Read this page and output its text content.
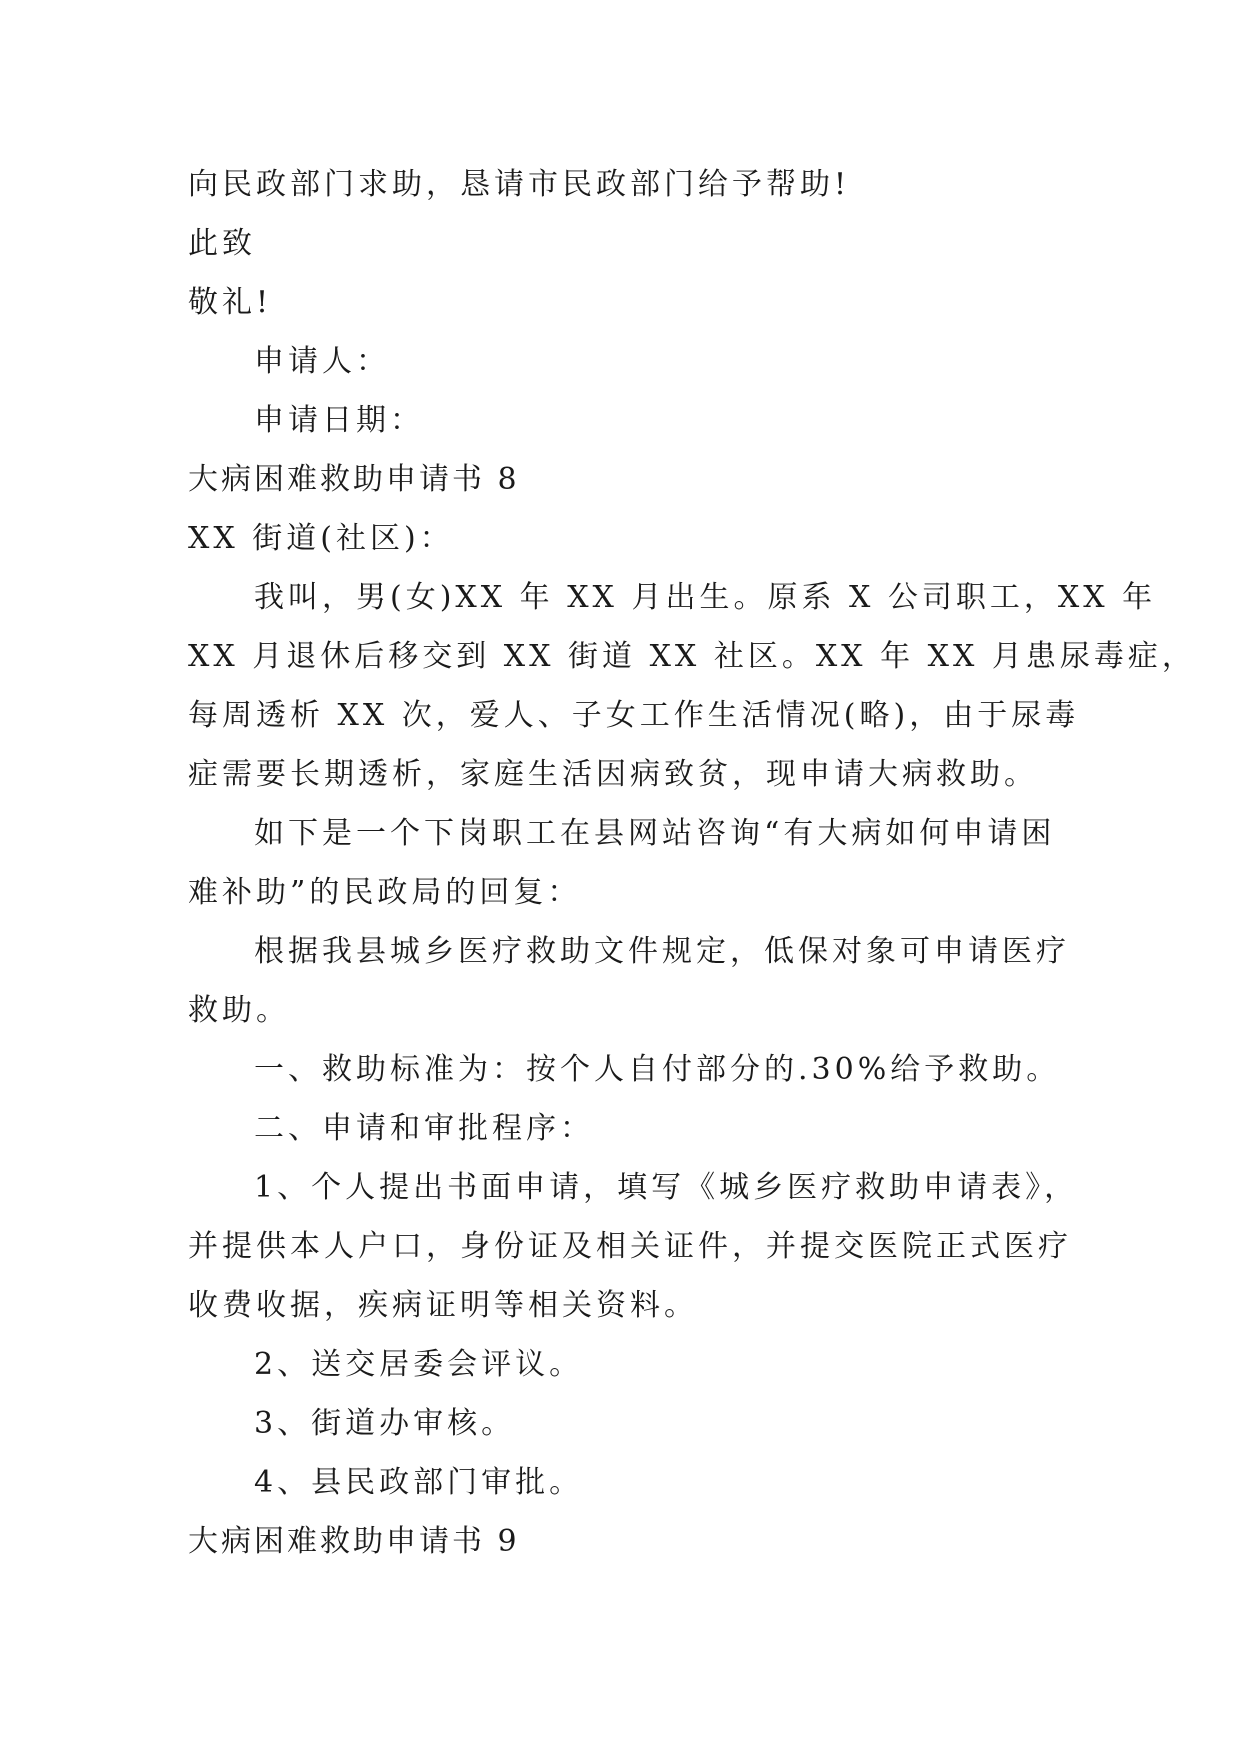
向民政部门求助，恳请市民政部门给予帮助!
此致
敬礼!
申请人：
申请日期：
大病困难救助申请书 8
XX 街道(社区)：
我叫，男(女)XX 年 XX 月出生。原系 X 公司职工，XX 年
XX 月退休后移交到 XX 街道 XX 社区。XX 年 XX 月患尿毒症，
每周透析 XX 次，爱人、子女工作生活情况(略)，由于尿毒
症需要长期透析，家庭生活因病致贫，现申请大病救助。
如下是一个下岗职工在县网站咨询“有大病如何申请困
难补助”的民政局的回复：
根据我县城乡医疗救助文件规定，低保对象可申请医疗
救助。
一、救助标准为：按个人自付部分的.30%给予救助。
二、申请和审批程序：
1、个人提出书面申请，填写《城乡医疗救助申请表》，
并提供本人户口，身份证及相关证件，并提交医院正式医疗
收费收据，疾病证明等相关资料。
2、送交居委会评议。
3、街道办审核。
4、县民政部门审批。
大病困难救助申请书 9
